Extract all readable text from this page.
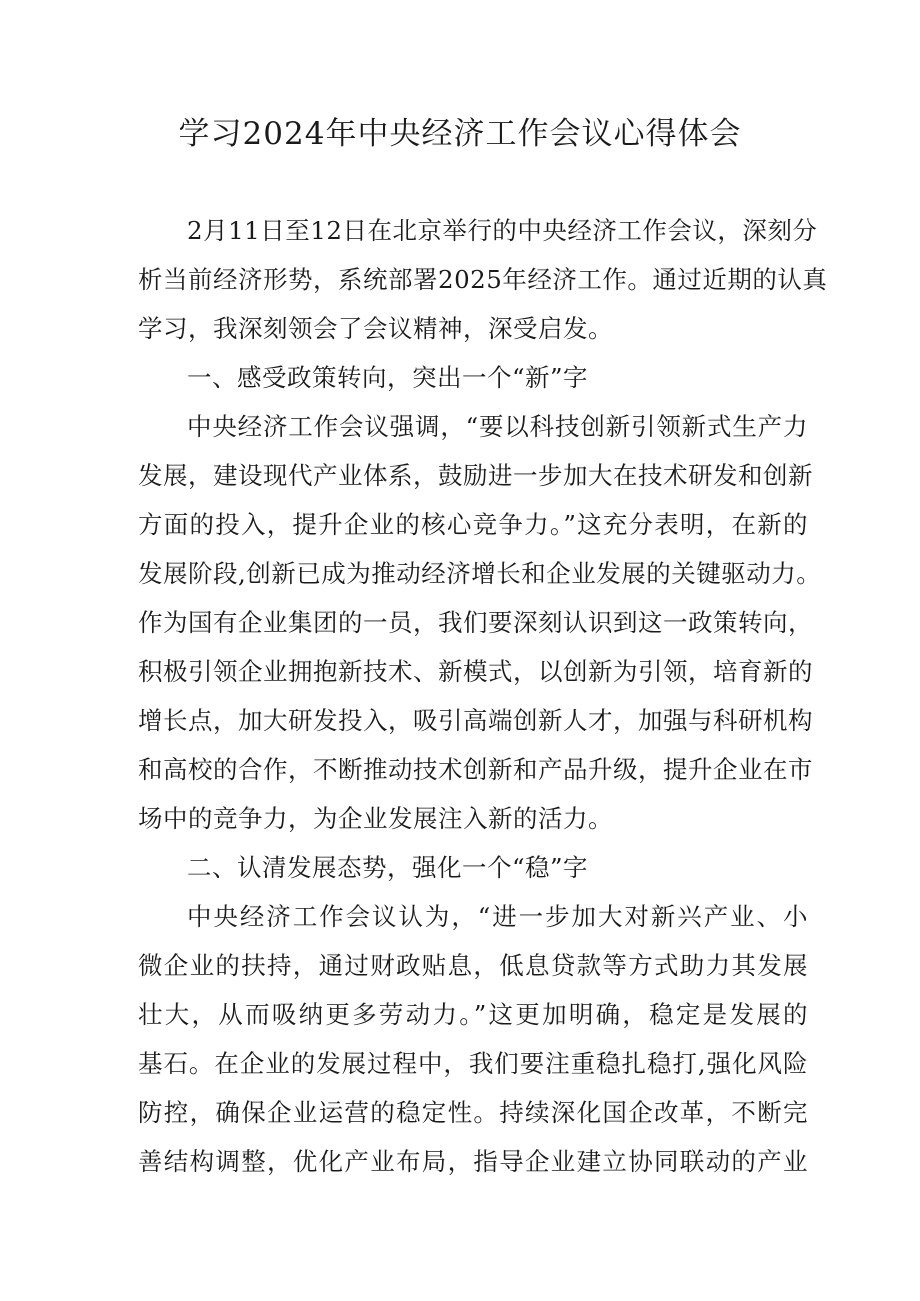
学习2024年中央经济工作会议心得体会
2月11日至12日在北京举行的中央经济工作会议，深刻分
析当前经济形势，系统部署2025年经济工作。通过近期的认真
学习，我深刻领会了会议精神，深受启发。
一、感受政策转向，突出一个“新”字
中央经济工作会议强调，“要以科技创新引领新式生产力
发展，建设现代产业体系，鼓励进一步加大在技术研发和创新
方面的投入，提升企业的核心竞争力。”这充分表明，在新的
发展阶段,创新已成为推动经济增长和企业发展的关键驱动力。
作为国有企业集团的一员，我们要深刻认识到这一政策转向，
积极引领企业拥抱新技术、新模式，以创新为引领，培育新的
增长点，加大研发投入，吸引高端创新人才，加强与科研机构
和高校的合作，不断推动技术创新和产品升级，提升企业在市
场中的竞争力，为企业发展注入新的活力。
二、认清发展态势，强化一个“稳”字
中央经济工作会议认为，“进一步加大对新兴产业、小
微企业的扶持，通过财政贴息，低息贷款等方式助力其发展
壮大，从而吸纳更多劳动力。”这更加明确，稳定是发展的
基石。在企业的发展过程中，我们要注重稳扎稳打,强化风险
防控，确保企业运营的稳定性。持续深化国企改革，不断完
善结构调整，优化产业布局，指导企业建立协同联动的产业
